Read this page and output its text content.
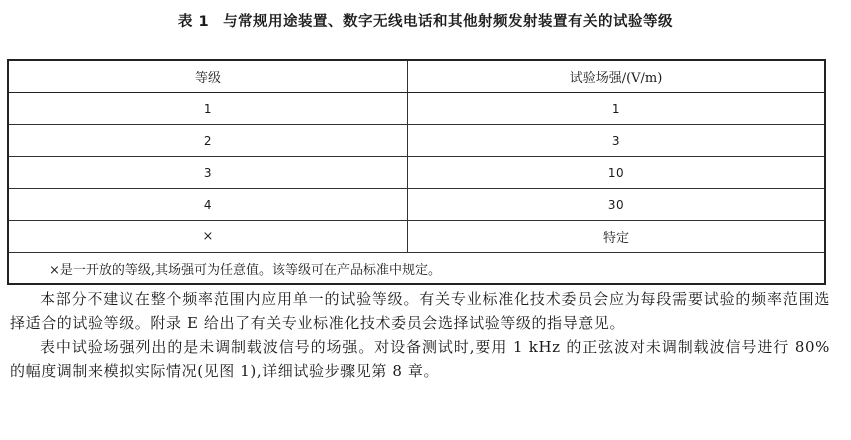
表 1 与常规用途装置、数字无线电话和其他射频发射装置有关的试验等级
等级	试验场强/(V/m)
1	1
2	3
3	10
4	30
×	特定
×是一开放的等级,其场强可为任意值。该等级可在产品标准中规定。	

本部分不建议在整个频率范围内应用单一的试验等级。有关专业标准化技术委员会应为每段需要试验的频率范围选择适合的试验等级。附录 E 给出了有关专业标准化技术委员会选择试验等级的指导意见。

表中试验场强列出的是未调制载波信号的场强。对设备测试时,要用 1 kHz 的正弦波对未调制载波信号进行 80% 的幅度调制来模拟实际情况(见图 1),详细试验步骤见第 8 章。
